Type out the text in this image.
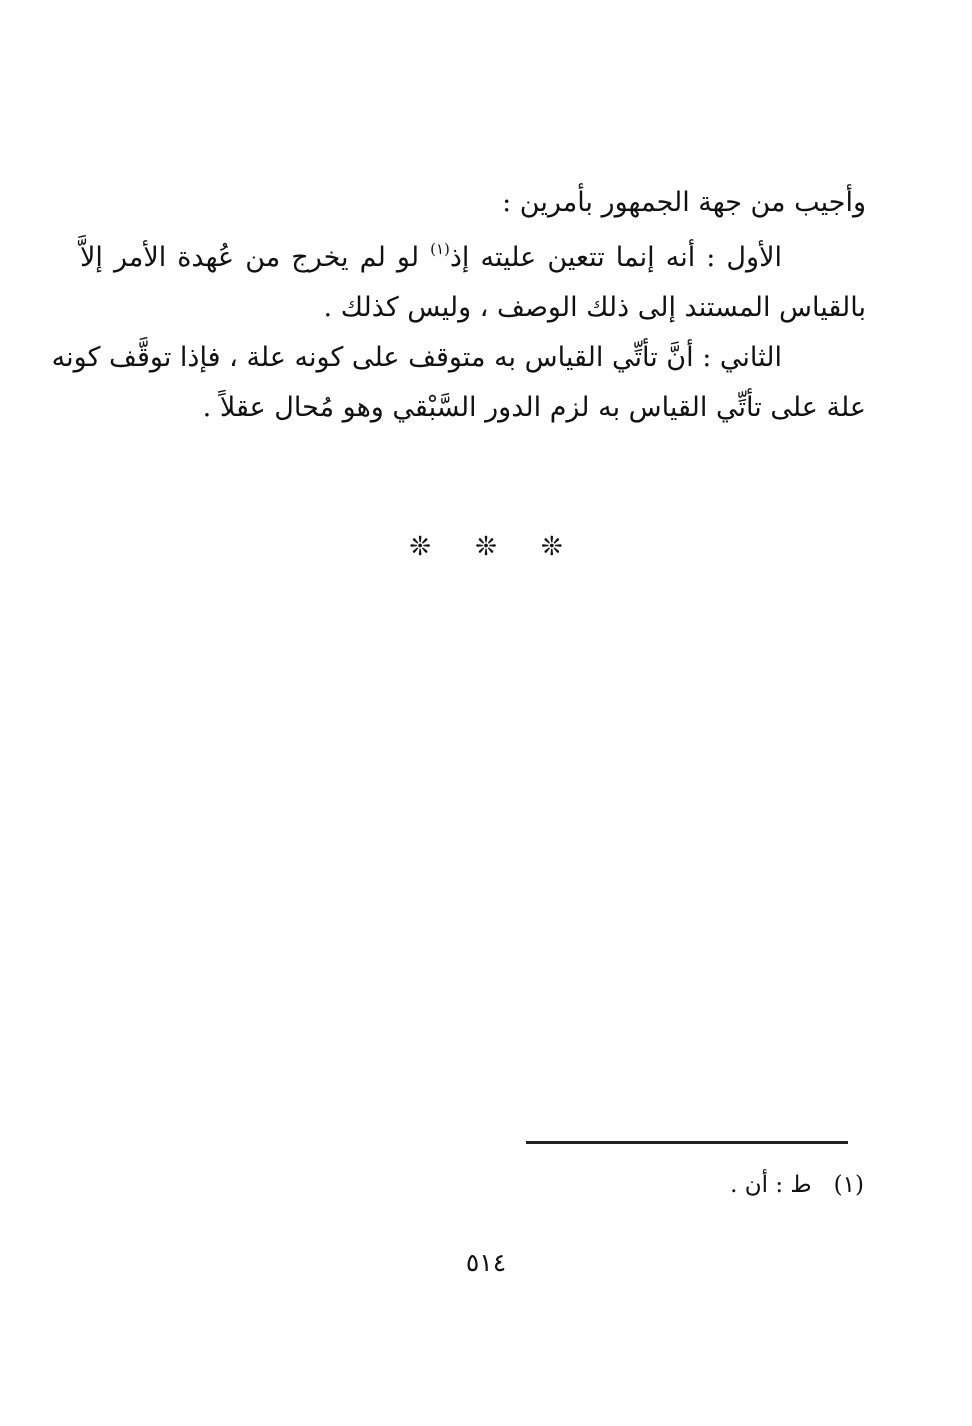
وأجيب من جهة الجمهور بأمرين :
الأول : أنه إنما تتعين عليته إذ$^{(١)}$ لو لم يخرج من عُهدة الأمر إلاَّ
بالقياس المستند إلى ذلك الوصف ، وليس كذلك .
الثاني : أنَّ تأتِّي القياس به متوقف على كونه علة ، فإذا توقَّف كونه
علة على تأتِّي القياس به لزم الدور السَّبْقي وهو مُحال عقلاً .
❊❊❊
(١)ط : أن .
٥١٤
